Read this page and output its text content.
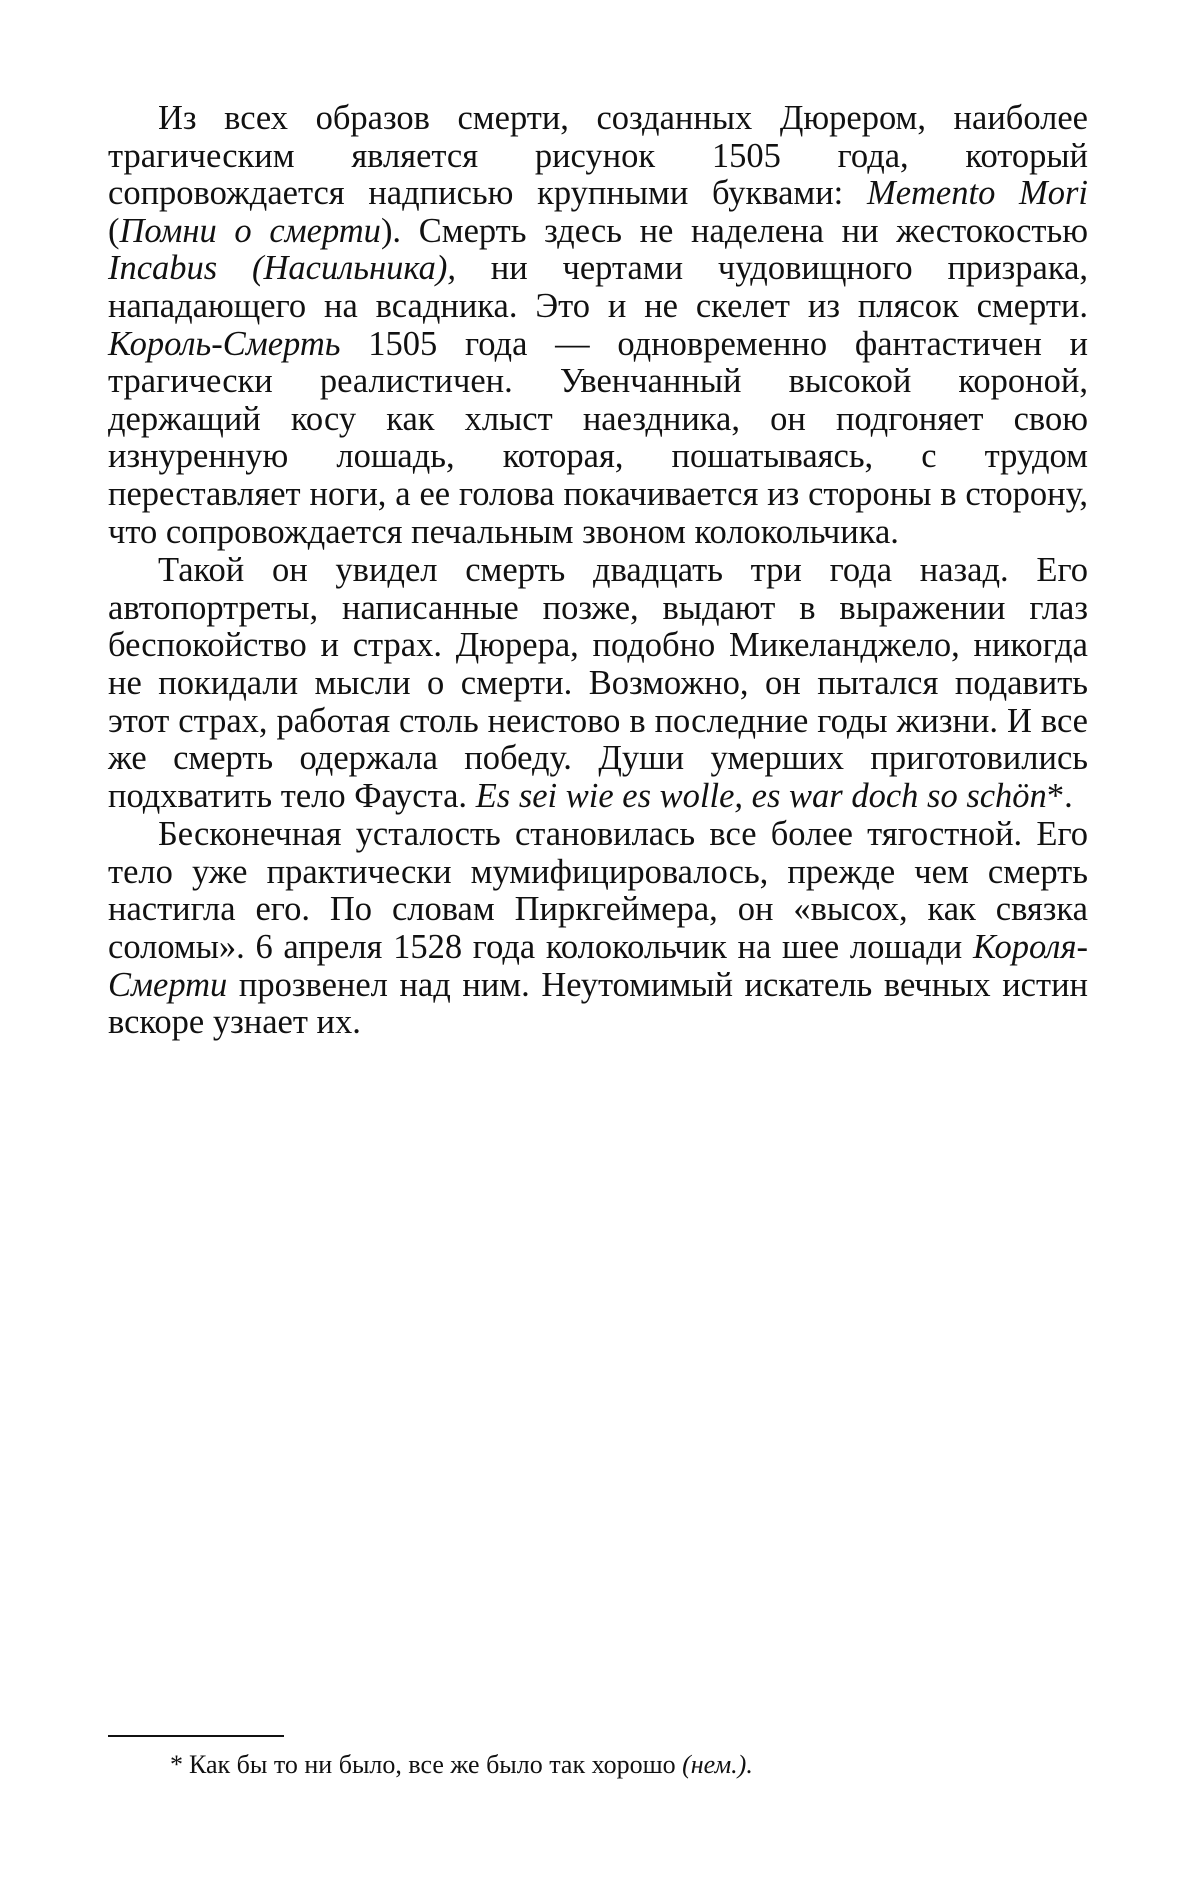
Из всех образов смерти, созданных Дюрером, наиболее трагическим является рисунок 1505 года, который сопровождается надписью крупными буквами: Memento Mori (Помни о смерти). Смерть здесь не наделена ни жестокостью Incabus (Насильника), ни чертами чудовищного призрака, нападающего на всадника. Это и не скелет из плясок смерти. Король-Смерть 1505 года — одновременно фантастичен и трагически реалистичен. Увенчанный высокой короной, держащий косу как хлыст наездника, он подгоняет свою изнуренную лошадь, которая, пошатываясь, с трудом переставляет ноги, а ее голова покачивается из стороны в сторону, что сопровождается печальным звоном колокольчика.

Такой он увидел смерть двадцать три года назад. Его автопортреты, написанные позже, выдают в выражении глаз беспокойство и страх. Дюрера, подобно Микеланджело, никогда не покидали мысли о смерти. Возможно, он пытался подавить этот страх, работая столь неистово в последние годы жизни. И все же смерть одержала победу. Души умерших приготовились подхватить тело Фауста. Es sei wie es wolle, es war doch so schön*.

Бесконечная усталость становилась все более тягостной. Его тело уже практически мумифицировалось, прежде чем смерть настигла его. По словам Пиркгеймера, он «высох, как связка соломы». 6 апреля 1528 года колокольчик на шее лошади Короля-Смерти прозвенел над ним. Неутомимый искатель вечных истин вскоре узнает их.

* Как бы то ни было, все же было так хорошо (нем.).
